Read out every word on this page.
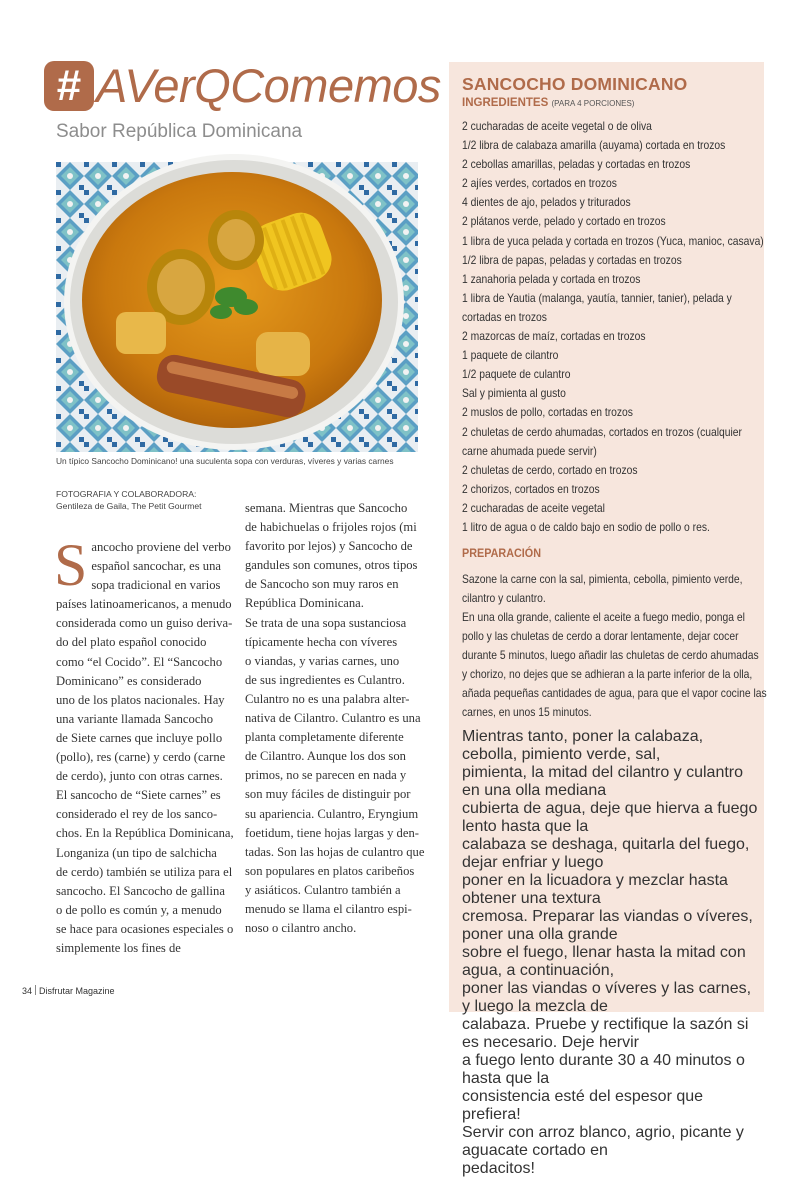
# AVerQComemos
Sabor República Dominicana
Un típico Sancocho Dominicano! una suculenta sopa con verduras, víveres y varias carnes
FOTOGRAFIA Y COLABORADORA:
Gentileza de Gaila, The Petit Gourmet
S ancocho proviene del verbo

español sancochar, es una

sopa tradicional en varios

países latinoamericanos, a menudo

considerada como un guiso deriva-

do del plato español conocido

como “el Cocido”. El “Sancocho

Dominicano” es considerado

uno de los platos nacionales. Hay

una variante llamada Sancocho

de Siete carnes que incluye pollo

(pollo), res (carne) y cerdo (carne

de cerdo), junto con otras carnes.

El sancocho de “Siete carnes” es

considerado el rey de los sanco-

chos. En la República Dominicana,

Longaniza (un tipo de salchicha

de cerdo) también se utiliza para el

sancocho. El Sancocho de gallina

o de pollo es común y, a menudo

se hace para ocasiones especiales o

simplemente los fines de

semana. Mientras que Sancocho

de habichuelas o frijoles rojos (mi

favorito por lejos) y Sancocho de

gandules son comunes, otros tipos

de Sancocho son muy raros en

República Dominicana.

Se trata de una sopa sustanciosa

típicamente hecha con víveres

o viandas, y varias carnes, uno

de sus ingredientes es Culantro.

Culantro no es una palabra alter-

nativa de Cilantro. Culantro es una

planta completamente diferente

de Cilantro. Aunque los dos son

primos, no se parecen en nada y

son muy fáciles de distinguir por

su apariencia. Culantro, Eryngium

foetidum, tiene hojas largas y den-

tadas. Son las hojas de culantro que

son populares en platos caribeños

y asiáticos. Culantro también a

menudo se llama el cilantro espi-

noso o cilantro ancho.

34 Disfrutar Magazine
SANCOCHO DOMINICANO
INGREDIENTES (PARA 4 PORCIONES)
2 cucharadas de aceite vegetal o de oliva
1/2 libra de calabaza amarilla (auyama) cortada en trozos
2 cebollas amarillas, peladas y cortadas en trozos
2 ajíes verdes, cortados en trozos
4 dientes de ajo, pelados y triturados
2 plátanos verde, pelado y cortado en trozos
1 libra de yuca pelada y cortada en trozos (Yuca, manioc, casava)
1/2 libra de papas, peladas y cortadas en trozos
1 zanahoria pelada y cortada en trozos
1 libra de Yautia (malanga, yautía, tannier, tanier), pelada y
cortadas en trozos
2 mazorcas de maíz, cortadas en trozos
1 paquete de cilantro
1/2 paquete de culantro
Sal y pimienta al gusto
2 muslos de pollo, cortadas en trozos
2 chuletas de cerdo ahumadas, cortados en trozos (cualquier
carne ahumada puede servir)
2 chuletas de cerdo, cortado en trozos
2 chorizos, cortados en trozos
2 cucharadas de aceite vegetal
1 litro de agua o de caldo bajo en sodio de pollo o res.
PREPARACIÓN
Sazone la carne con la sal, pimienta, cebolla, pimiento verde,
cilantro y culantro.
En una olla grande, caliente el aceite a fuego medio, ponga el
pollo y las chuletas de cerdo a dorar lentamente, dejar cocer
durante 5 minutos, luego añadir las chuletas de cerdo ahumadas
y chorizo, no dejes que se adhieran a la parte inferior de la olla,
añada pequeñas cantidades de agua, para que el vapor cocine las
carnes, en unos 15 minutos.
Mientras tanto, poner la calabaza, cebolla, pimiento verde, sal,
pimienta, la mitad del cilantro y culantro en una olla mediana
cubierta de agua, deje que hierva a fuego lento hasta que la
calabaza se deshaga, quitarla del fuego, dejar enfriar y luego
poner en la licuadora y mezclar hasta obtener una textura
cremosa. Preparar las viandas o víveres, poner una olla grande
sobre el fuego, llenar hasta la mitad con agua, a continuación,
poner las viandas o víveres y las carnes, y luego la mezcla de
calabaza. Pruebe y rectifique la sazón si es necesario. Deje hervir
a fuego lento durante 30 a 40 minutos o hasta que la
consistencia esté del espesor que prefiera!
Servir con arroz blanco, agrio, picante y aguacate cortado en
pedacitos!
